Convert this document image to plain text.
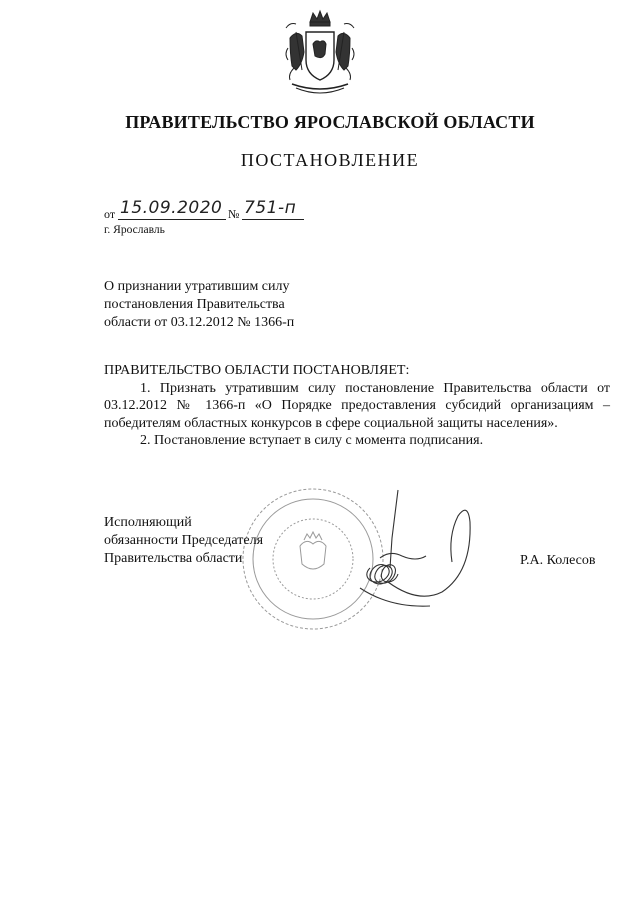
ПРАВИТЕЛЬСТВО ЯРОСЛАВСКОЙ ОБЛАСТИ
ПОСТАНОВЛЕНИЕ
от 15.09.2020 № 751-п
г. Ярославль
О признании утратившим силу
постановления Правительства
области от 03.12.2012 № 1366-п

ПРАВИТЕЛЬСТВО ОБЛАСТИ ПОСТАНОВЛЯЕТ:

1. Признать утратившим силу постановление Правительства области от 03.12.2012 № 1366-п «О Порядке предоставления субсидий организациям – победителям областных конкурсов в сфере социальной защиты населения».

2. Постановление вступает в силу с момента подписания.

Исполняющий
обязанности Председателя
Правительства области	Р.А. Колесов
